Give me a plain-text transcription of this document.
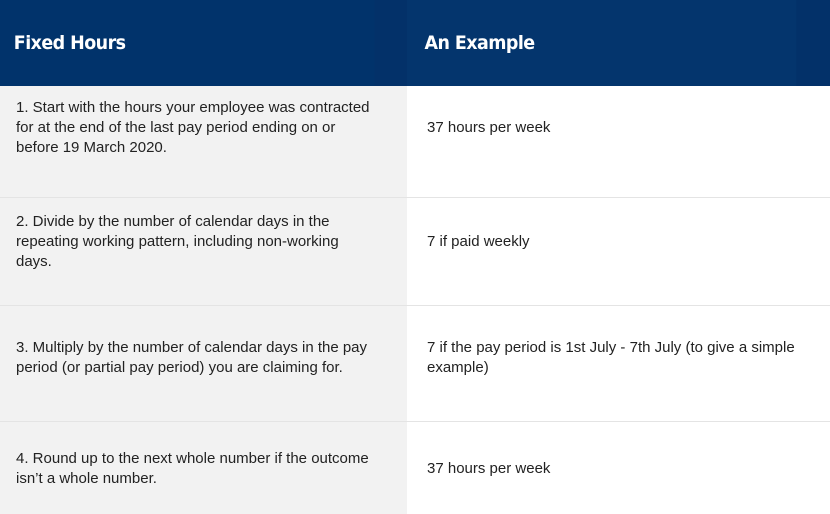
Fixed Hours	An Example
1. Start with the hours your employee was contracted for at the end of the last pay period ending on or before 19 March 2020.
37 hours per week
2. Divide by the number of calendar days in the repeating working pattern, including non-working days.
7 if paid weekly
3. Multiply by the number of calendar days in the pay period (or partial pay period) you are claiming for.
7 if the pay period is 1st July - 7th July (to give a simple example)
4. Round up to the next whole number if the outcome isn’t a whole number.
37 hours per week
